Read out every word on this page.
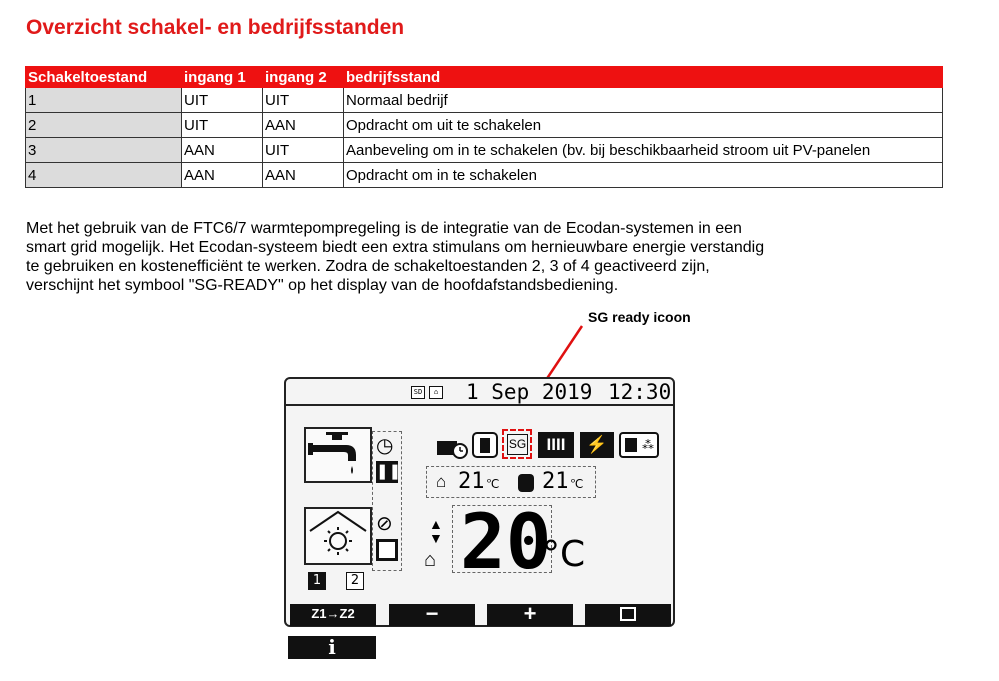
Overzicht schakel- en bedrijfsstanden
Schakeltoestand	ingang 1	ingang 2	bedrijfsstand
1	UIT	UIT	Normaal bedrijf
2	UIT	AAN	Opdracht om uit te schakelen
3	AAN	UIT	Aanbeveling om in te schakelen (bv. bij beschikbaarheid stroom uit PV-panelen
4	AAN	AAN	Opdracht om in te schakelen

Met het gebruik van de FTC6/7 warmtepompregeling is de integratie van de Ecodan-systemen in een

smart grid mogelijk. Het Ecodan-systeem biedt een extra stimulans om hernieuwbare energie verstandig

te gebruiken en kostenefficiënt te werken. Zodra de schakeltoestanden 2, 3 of 4 geactiveerd zijn,

verschijnt het symbool "SG-READY" op het display van de hoofdafstandsbediening.

SG ready icoon
SD	⌂ 1 Sep 2019 12:30
◷
❚❚
⊘
SG	IIII	⚡	⁂
⌂ 21 ℃ 21 ℃
▲
▼
⌂ 20
°C
1	2
Z1→Z2	−	+
i
